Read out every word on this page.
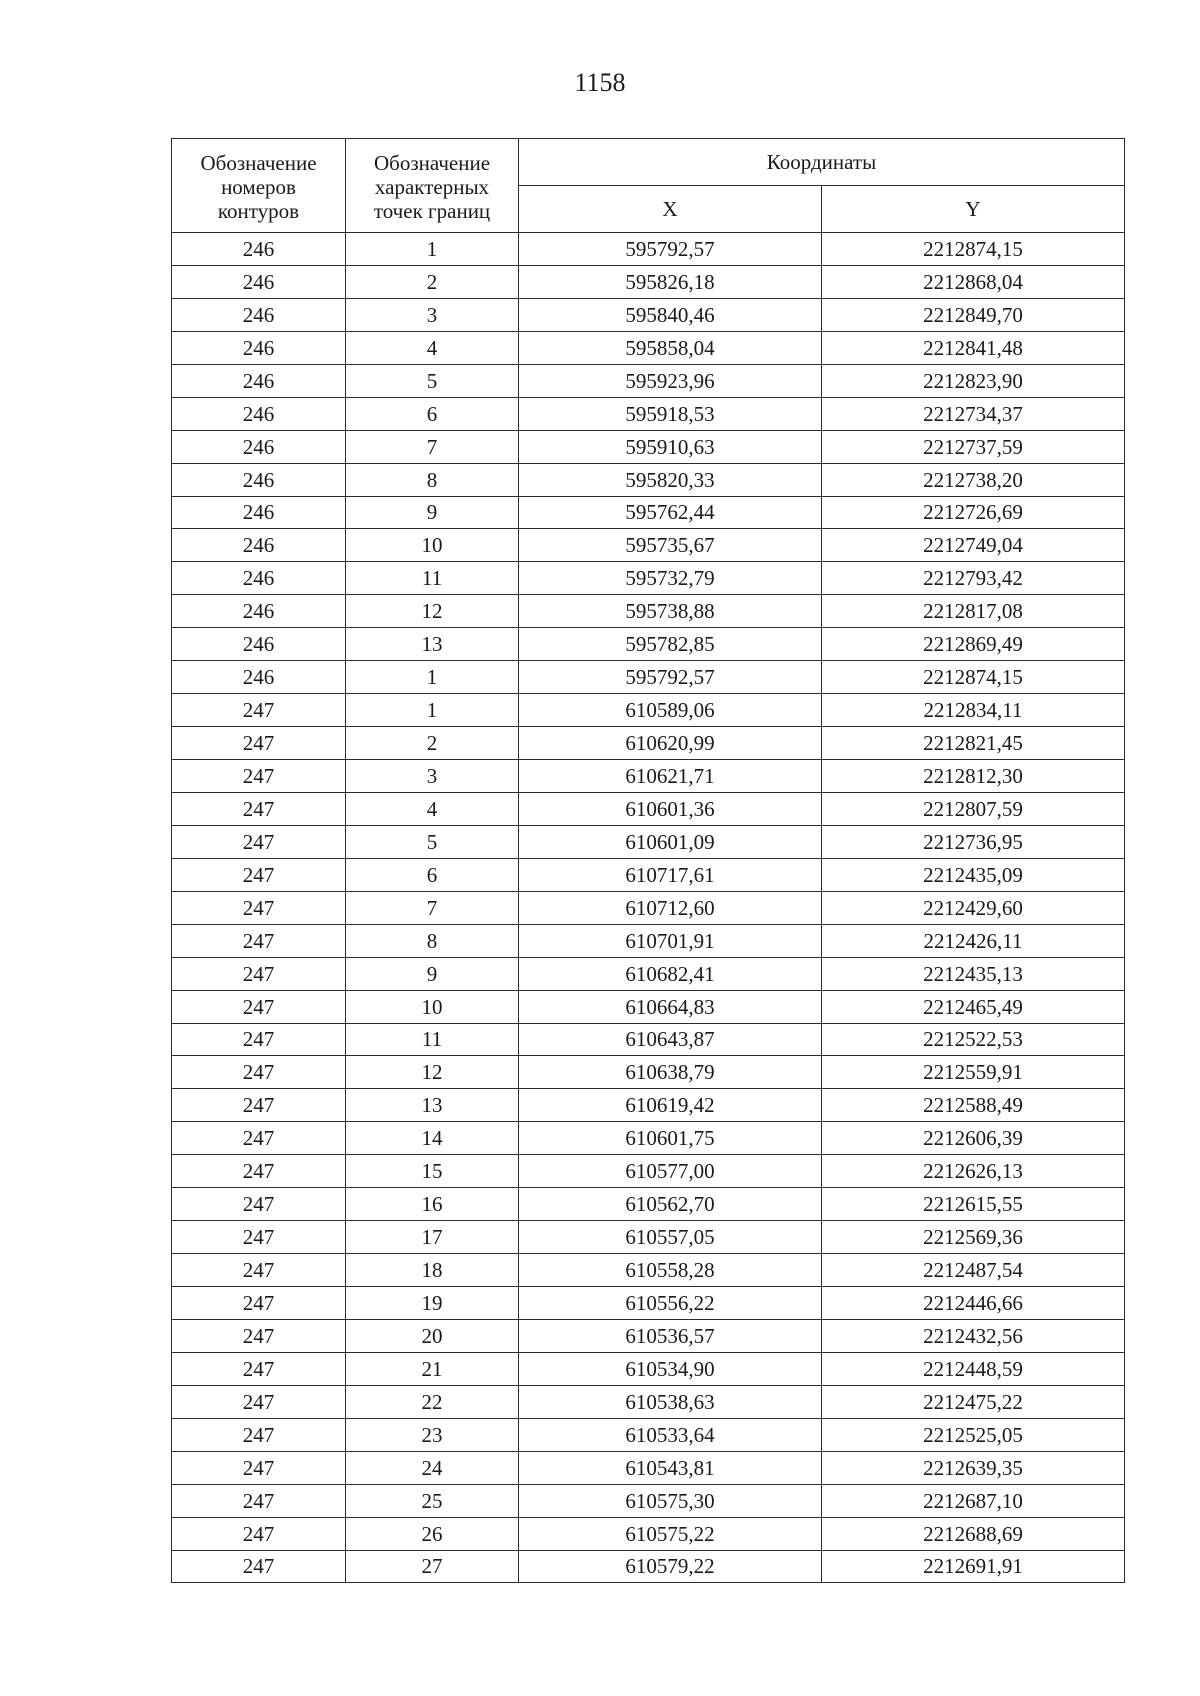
1158
Обозначение
номеров
контуров	Обозначение
характерных
точек границ	Координаты	
		X	Y
246	1	595792,57	2212874,15
246	2	595826,18	2212868,04
246	3	595840,46	2212849,70
246	4	595858,04	2212841,48
246	5	595923,96	2212823,90
246	6	595918,53	2212734,37
246	7	595910,63	2212737,59
246	8	595820,33	2212738,20
246	9	595762,44	2212726,69
246	10	595735,67	2212749,04
246	11	595732,79	2212793,42
246	12	595738,88	2212817,08
246	13	595782,85	2212869,49
246	1	595792,57	2212874,15
247	1	610589,06	2212834,11
247	2	610620,99	2212821,45
247	3	610621,71	2212812,30
247	4	610601,36	2212807,59
247	5	610601,09	2212736,95
247	6	610717,61	2212435,09
247	7	610712,60	2212429,60
247	8	610701,91	2212426,11
247	9	610682,41	2212435,13
247	10	610664,83	2212465,49
247	11	610643,87	2212522,53
247	12	610638,79	2212559,91
247	13	610619,42	2212588,49
247	14	610601,75	2212606,39
247	15	610577,00	2212626,13
247	16	610562,70	2212615,55
247	17	610557,05	2212569,36
247	18	610558,28	2212487,54
247	19	610556,22	2212446,66
247	20	610536,57	2212432,56
247	21	610534,90	2212448,59
247	22	610538,63	2212475,22
247	23	610533,64	2212525,05
247	24	610543,81	2212639,35
247	25	610575,30	2212687,10
247	26	610575,22	2212688,69
247	27	610579,22	2212691,91
